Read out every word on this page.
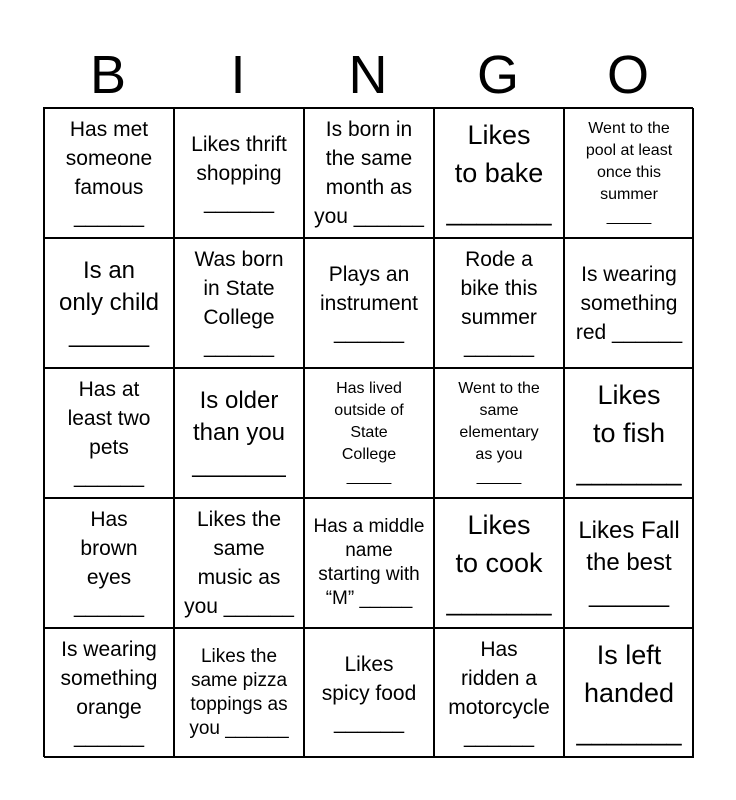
B	I	N	G	O
Has met
someone
famous
______
Likes thrift
shopping
______
Is born in
the same
month as
you ______
Likes
to bake
_______
Went to the
pool at least
once this
summer
_____
Is an
only child
______
Was born
in State
College
______
Plays an
instrument
______
Rode a
bike this
summer
______
Is wearing
something
red ______
Has at
least two
pets
______
Is older
than you
_______
Has lived
outside of
State
College
_____
Went to the
same
elementary
as you
_____
Likes
to fish
_______
Has
brown
eyes
______
Likes the
same
music as
you ______
Has a middle
name
starting with
“M” _____
Likes
to cook
_______
Likes Fall
the best
______
Is wearing
something
orange
______
Likes the
same pizza
toppings as
you ______
Likes
spicy food
______
Has
ridden a
motorcycle
______
Is left
handed
_______
